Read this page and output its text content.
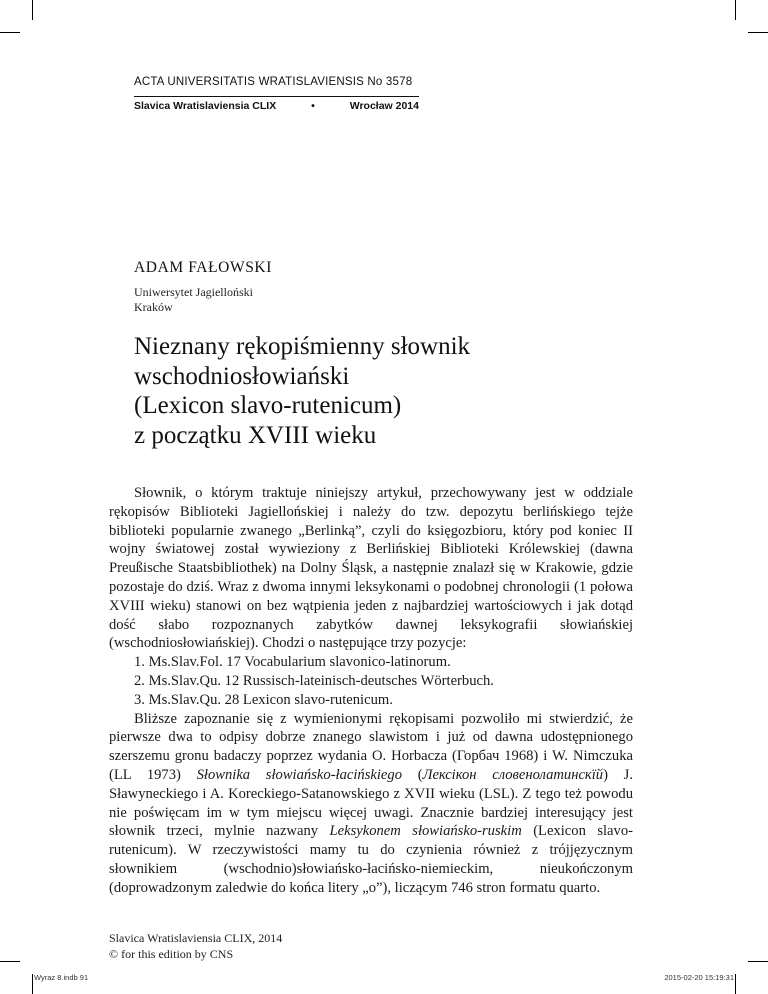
ACTA UNIVERSITATIS WRATISLAVIENSIS No 3578
Slavica Wratislaviensia CLIX	•	Wrocław 2014
ADAM FAŁOWSKI
Uniwersytet Jagielloński
Kraków
Nieznany rękopiśmienny słownik
wschodniosłowiański
(Lexicon slavo-rutenicum)
z początku XVIII wieku

Słownik, o którym traktuje niniejszy artykuł, przechowywany jest w oddziale rękopisów Biblioteki Jagiellońskiej i należy do tzw. depozytu berlińskiego tejże biblioteki popularnie zwanego „Berlinką”, czyli do księgozbioru, który pod koniec II wojny światowej został wywieziony z Berlińskiej Biblioteki Królewskiej (dawna Preußische Staatsbibliothek) na Dolny Śląsk, a następnie znalazł się w Krakowie, gdzie pozostaje do dziś. Wraz z dwoma innymi leksykonami o podobnej chronologii (1 połowa XVIII wieku) stanowi on bez wątpienia jeden z najbardziej wartościowych i jak dotąd dość słabo rozpoznanych zabytków dawnej leksykografii słowiańskiej (wschodniosłowiańskiej). Chodzi o następujące trzy pozycje:

1. Ms.Slav.Fol. 17 Vocabularium slavonico-latinorum.
2. Ms.Slav.Qu. 12 Russisch-lateinisch-deutsches Wörterbuch.
3. Ms.Slav.Qu. 28 Lexicon slavo-rutenicum.

Bliższe zapoznanie się z wymienionymi rękopisami pozwoliło mi stwierdzić, że pierwsze dwa to odpisy dobrze znanego slawistom i już od dawna udostępnionego szerszemu gronu badaczy poprzez wydania O. Horbacza (Горбач 1968) i W. Nimczuka (LL 1973) Słownika słowiańsko-łacińskiego (Лексікон словенолатинскїй) J. Sławyneckiego i A. Koreckiego-Satanowskiego z XVII wieku (LSL). Z tego też powodu nie poświęcam im w tym miejscu więcej uwagi. Znacznie bardziej interesujący jest słownik trzeci, mylnie nazwany Leksykonem słowiańsko-ruskim (Lexicon slavo-rutenicum). W rzeczywistości mamy tu do czynienia również z trójjęzycznym słownikiem (wschodnio)słowiańsko-łacińsko-niemieckim, nieukończonym (doprowadzonym zaledwie do końca litery „o”), liczącym 746 stron formatu quarto.

Slavica Wratislaviensia CLIX, 2014
© for this edition by CNS
Wyraz 8.indb 91	2015-02-20 15:19:31
